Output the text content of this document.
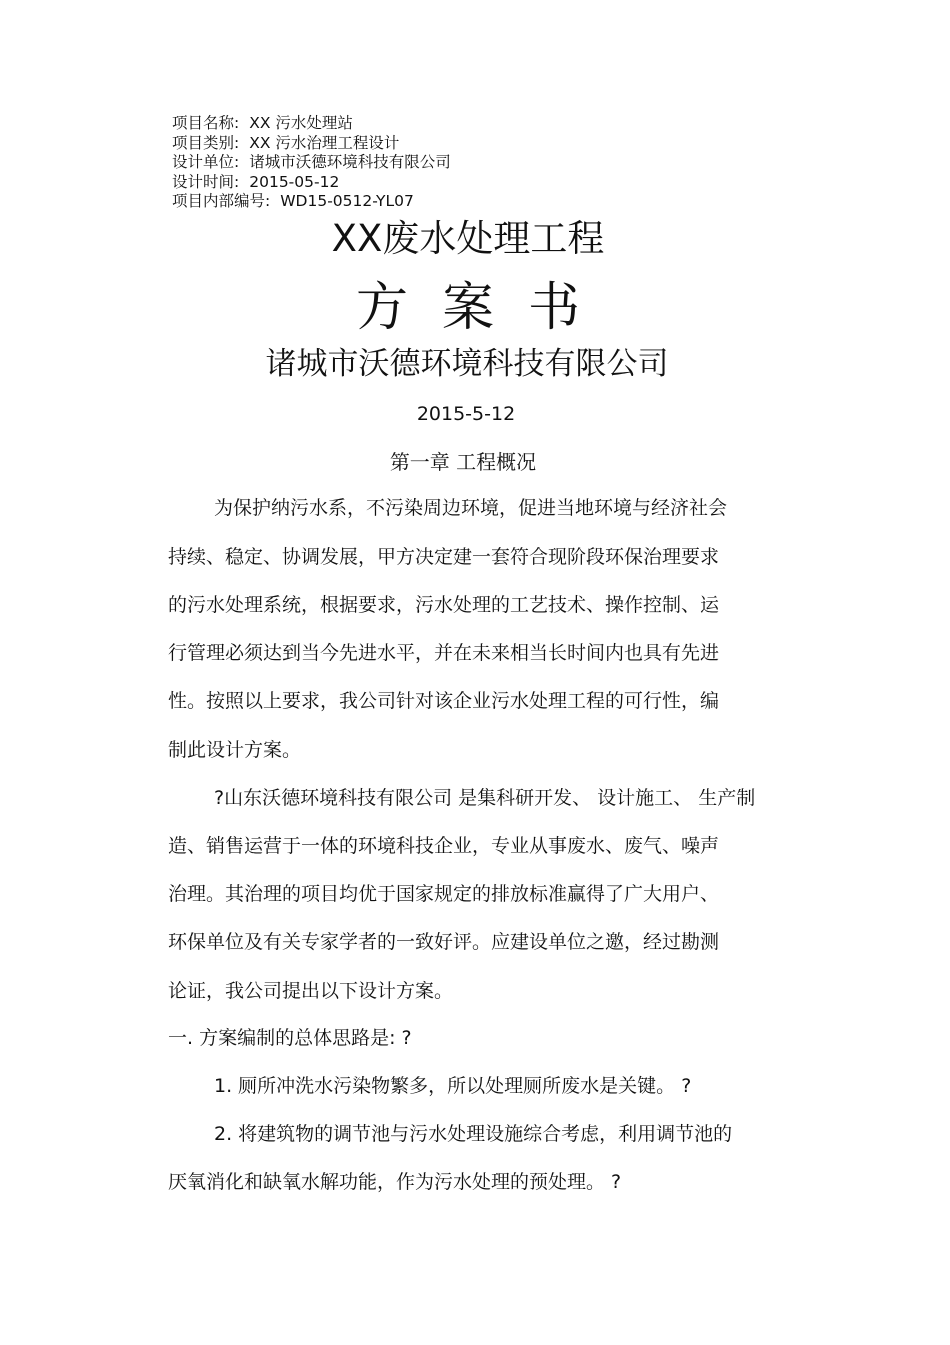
项目名称: XX 污水处理站
项目类别: XX 污水治理工程设计
设计单位: 诸城市沃德环境科技有限公司
设计时间: 2015-05-12
项目内部编号: WD15-0512-YL07
XX废水处理工程
方案书
诸城市沃德环境科技有限公司
2015-5-12
第一章 工程概况
为保护纳污水系，不污染周边环境，促进当地环境与经济社会
持续、稳定、协调发展，甲方决定建一套符合现阶段环保治理要求
的污水处理系统，根据要求，污水处理的工艺技术、操作控制、运
行管理必须达到当今先进水平，并在未来相当长时间内也具有先进
性。按照以上要求，我公司针对该企业污水处理工程的可行性，编
制此设计方案。
?山东沃德环境科技有限公司 是集科研开发、 设计施工、 生产制
造、销售运营于一体的环境科技企业，专业从事废水、废气、噪声
治理。其治理的项目均优于国家规定的排放标准赢得了广大用户、
环保单位及有关专家学者的一致好评。应建设单位之邀，经过勘测
论证，我公司提出以下设计方案。
一. 方案编制的总体思路是: ?
1. 厕所冲洗水污染物繁多，所以处理厕所废水是关键。 ?
2. 将建筑物的调节池与污水处理设施综合考虑，利用调节池的
厌氧消化和缺氧水解功能，作为污水处理的预处理。 ?
